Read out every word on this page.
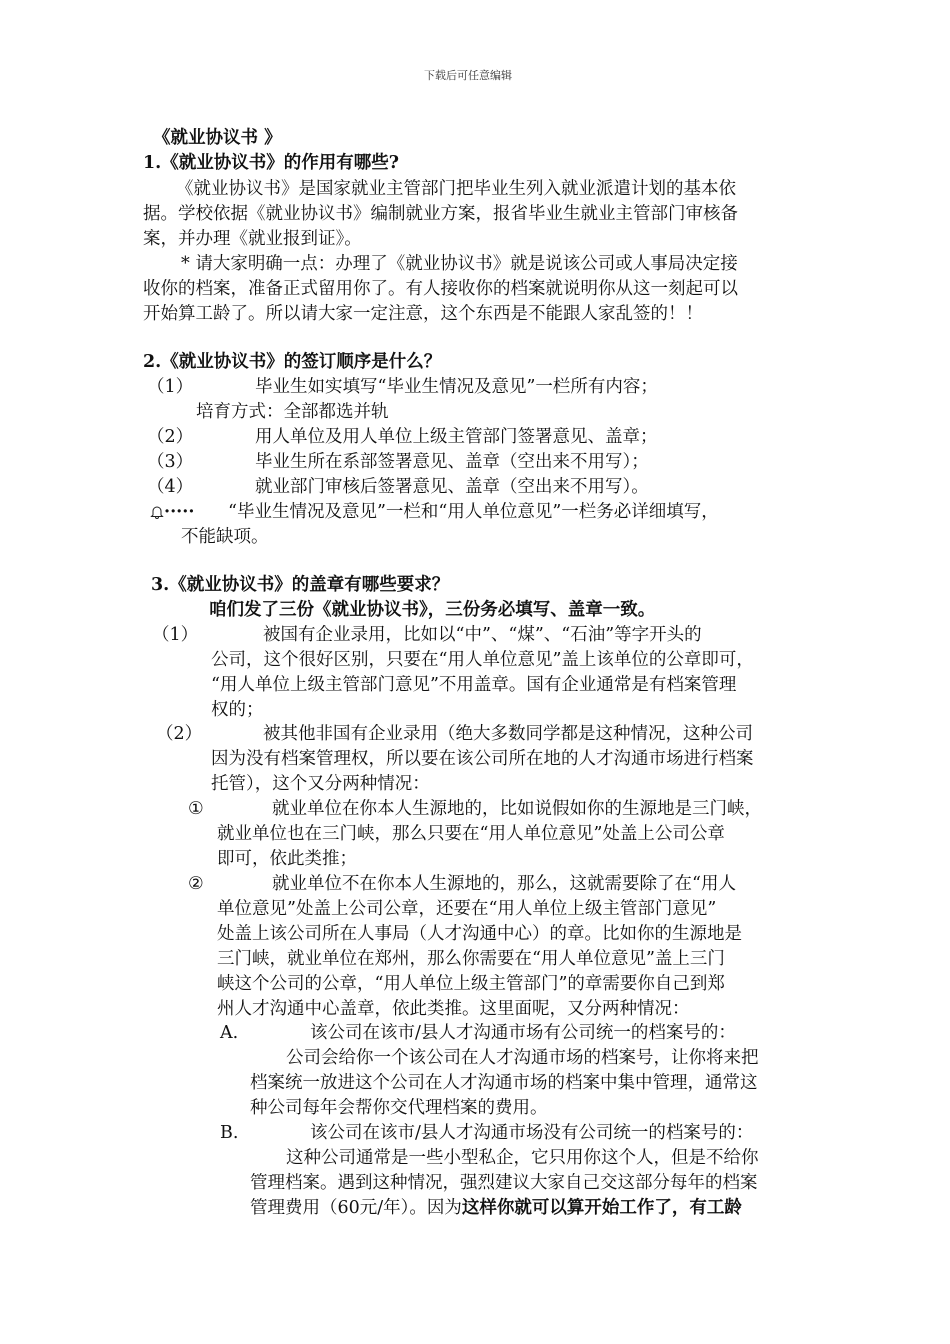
下载后可任意编辑
《就业协议书 》
1.《就业协议书》的作用有哪些?
《就业协议书》是国家就业主管部门把毕业生列入就业派遣计划的基本依
据。学校依据《就业协议书》编制就业方案，报省毕业生就业主管部门审核备
案，并办理《就业报到证》。
* 请大家明确一点：办理了《就业协议书》就是说该公司或人事局决定接
收你的档案，准备正式留用你了。有人接收你的档案就说明你从这一刻起可以
开始算工龄了。所以请大家一定注意，这个东西是不能跟人家乱签的！！
2.《就业协议书》的签订顺序是什么？
（1）	毕业生如实填写“毕业生情况及意见”一栏所有内容；
培育方式：全部都选并轨
（2）	用人单位及用人单位上级主管部门签署意见、盖章；
（3）	毕业生所在系部签署意见、盖章（空出来不用写）；
（4）	就业部门审核后签署意见、盖章（空出来不用写）。
····· “毕业生情况及意见”一栏和“用人单位意见”一栏务必详细填写，
不能缺项。
3.《就业协议书》的盖章有哪些要求？
咱们发了三份《就业协议书》，三份务必填写、盖章一致。
（1）	被国有企业录用，比如以“中”、“煤”、“石油”等字开头的
公司，这个很好区别，只要在“用人单位意见”盖上该单位的公章即可，
“用人单位上级主管部门意见”不用盖章。国有企业通常是有档案管理
权的；
（2）	被其他非国有企业录用（绝大多数同学都是这种情况，这种公司
因为没有档案管理权，所以要在该公司所在地的人才沟通市场进行档案
托管），这个又分两种情况：
①	就业单位在你本人生源地的，比如说假如你的生源地是三门峡，
就业单位也在三门峡，那么只要在“用人单位意见”处盖上公司公章
即可，依此类推；
②	就业单位不在你本人生源地的，那么，这就需要除了在“用人
单位意见”处盖上公司公章，还要在“用人单位上级主管部门意见”
处盖上该公司所在人事局（人才沟通中心）的章。比如你的生源地是
三门峡，就业单位在郑州，那么你需要在“用人单位意见”盖上三门
峡这个公司的公章，“用人单位上级主管部门”的章需要你自己到郑
州人才沟通中心盖章，依此类推。这里面呢，又分两种情况：
A.	该公司在该市/县人才沟通市场有公司统一的档案号的：
公司会给你一个该公司在人才沟通市场的档案号，让你将来把
档案统一放进这个公司在人才沟通市场的档案中集中管理，通常这
种公司每年会帮你交代理档案的费用。
B.	该公司在该市/县人才沟通市场没有公司统一的档案号的：
这种公司通常是一些小型私企，它只用你这个人，但是不给你
管理档案。遇到这种情况，强烈建议大家自己交这部分每年的档案
管理费用（60元/年）。因为这样你就可以算开始工作了，有工龄
